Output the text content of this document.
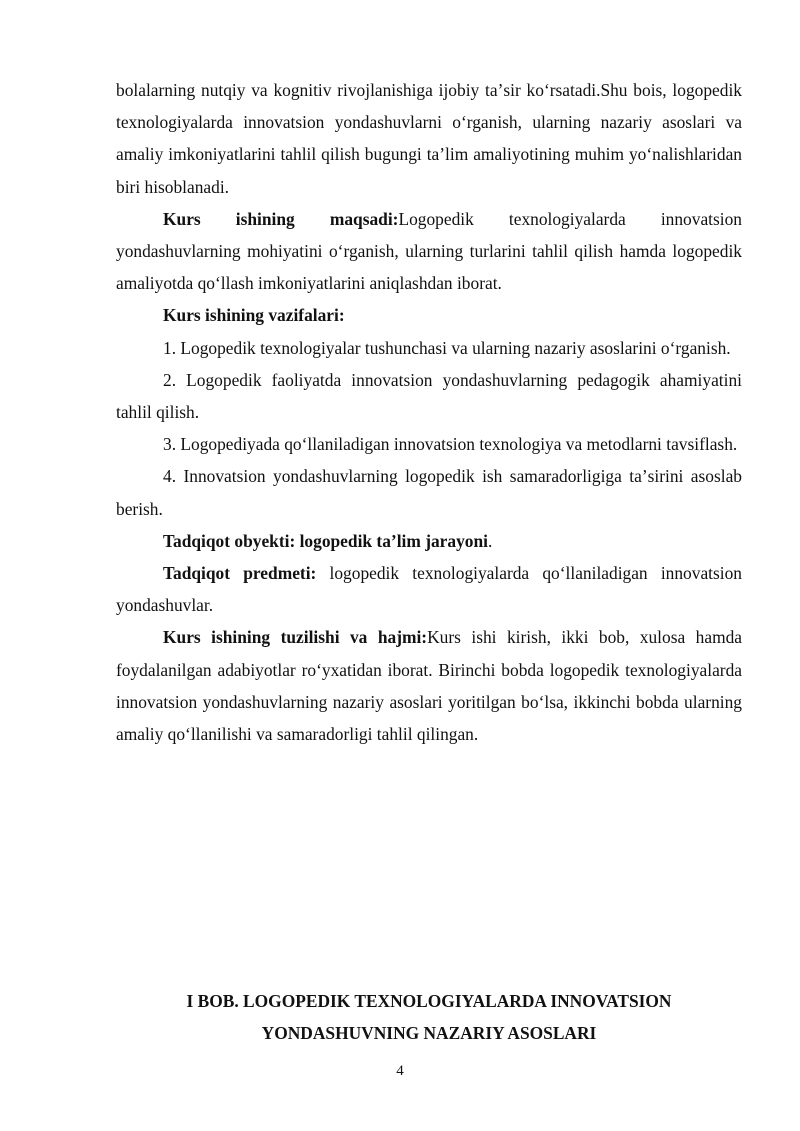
bolalarning nutqiy va kognitiv rivojlanishiga ijobiy taʼsir koʻrsatadi.Shu bois, logopedik texnologiyalarda innovatsion yondashuvlarni oʻrganish, ularning nazariy asoslari va amaliy imkoniyatlarini tahlil qilish bugungi taʼlim amaliyotining muhim yoʻnalishlaridan biri hisoblanadi.

Kurs ishining maqsadi:Logopedik texnologiyalarda innovatsion yondashuvlarning mohiyatini oʻrganish, ularning turlarini tahlil qilish hamda logopedik amaliyotda qoʻllash imkoniyatlarini aniqlashdan iborat.

Kurs ishining vazifalari:

1. Logopedik texnologiyalar tushunchasi va ularning nazariy asoslarini oʻrganish.

2. Logopedik faoliyatda innovatsion yondashuvlarning pedagogik ahamiyatini tahlil qilish.

3. Logopediyada qoʻllaniladigan innovatsion texnologiya va metodlarni tavsiflash.

4. Innovatsion yondashuvlarning logopedik ish samaradorligiga taʼsirini asoslab berish.

Tadqiqot obyekti: logopedik taʼlim jarayoni.

Tadqiqot predmeti: logopedik texnologiyalarda qoʻllaniladigan innovatsion yondashuvlar.

Kurs ishining tuzilishi va hajmi:Kurs ishi kirish, ikki bob, xulosa hamda foydalanilgan adabiyotlar roʻyxatidan iborat. Birinchi bobda logopedik texnologiyalarda innovatsion yondashuvlarning nazariy asoslari yoritilgan boʻlsa, ikkinchi bobda ularning amaliy qoʻllanilishi va samaradorligi tahlil qilingan.

I BOB. LOGOPEDIK TEXNOLOGIYALARDA INNOVATSION
YONDASHUVNING NAZARIY ASOSLARI
4
